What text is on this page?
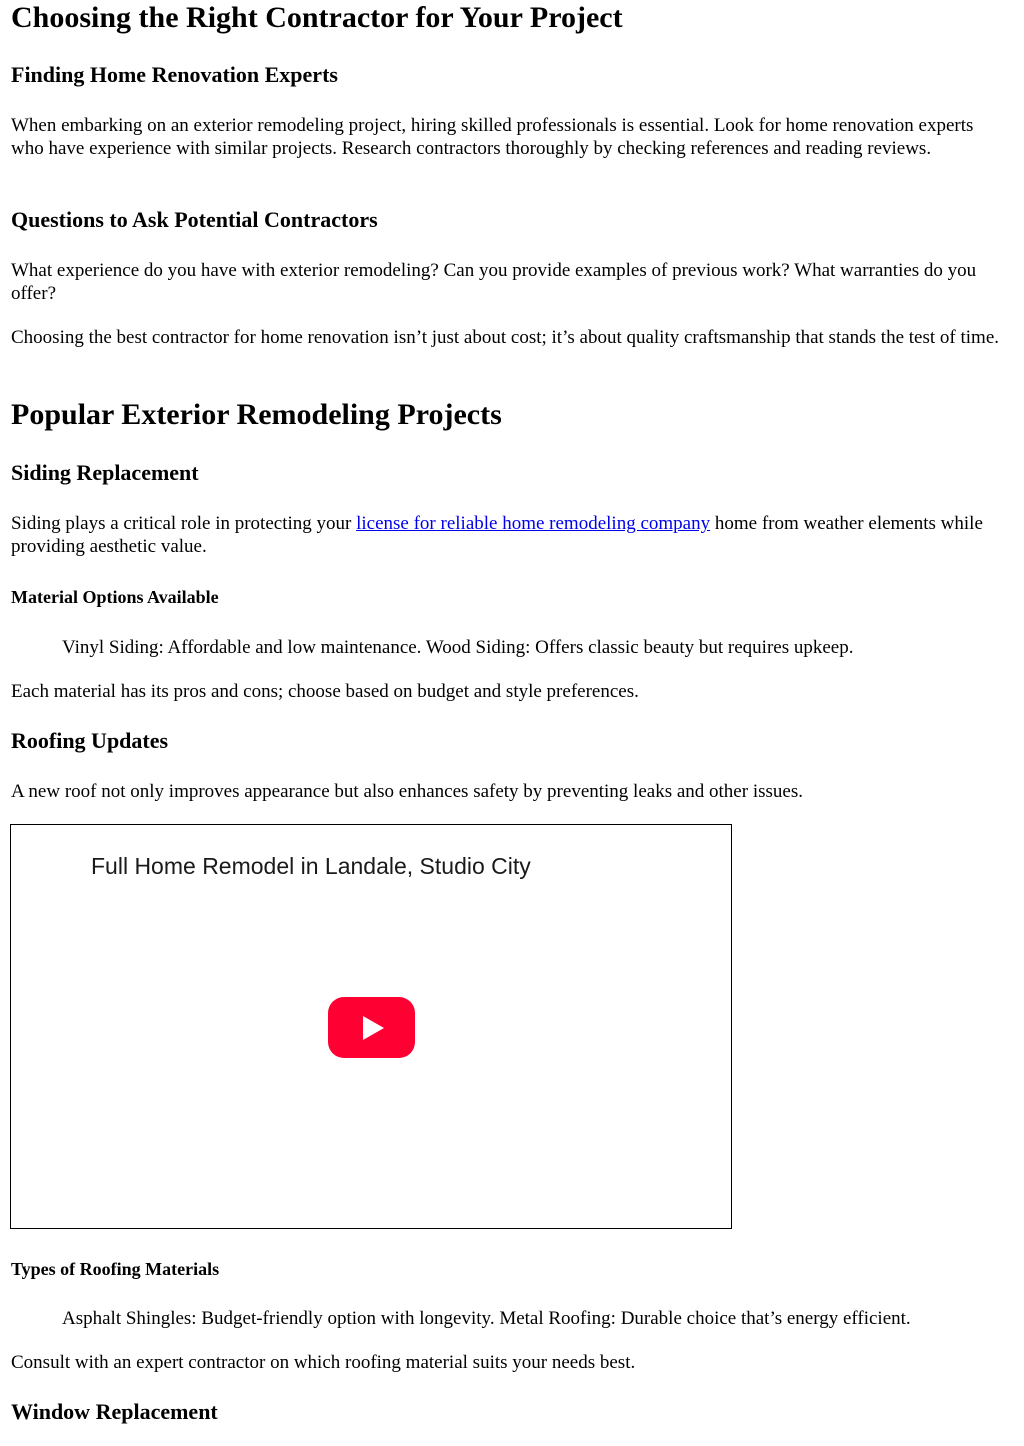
Choosing the Right Contractor for Your Project
Finding Home Renovation Experts

When embarking on an exterior remodeling project, hiring skilled professionals is essential. Look for home renovation experts who have experience with similar projects. Research contractors thoroughly by checking references and reading reviews.

Questions to Ask Potential Contractors

What experience do you have with exterior remodeling? Can you provide examples of previous work? What warranties do you offer?

Choosing the best contractor for home renovation isn’t just about cost; it’s about quality craftsmanship that stands the test of time.

Popular Exterior Remodeling Projects
Siding Replacement

Siding plays a critical role in protecting your license for reliable home remodeling company home from weather elements while providing aesthetic value.

Material Options Available

Vinyl Siding: Affordable and low maintenance. Wood Siding: Offers classic beauty but requires upkeep.

Each material has its pros and cons; choose based on budget and style preferences.

Roofing Updates

A new roof not only improves appearance but also enhances safety by preventing leaks and other issues.

Full Home Remodel in Landale, Studio City
Types of Roofing Materials

Asphalt Shingles: Budget-friendly option with longevity. Metal Roofing: Durable choice that’s energy efficient.

Consult with an expert contractor on which roofing material suits your needs best.

Window Replacement
